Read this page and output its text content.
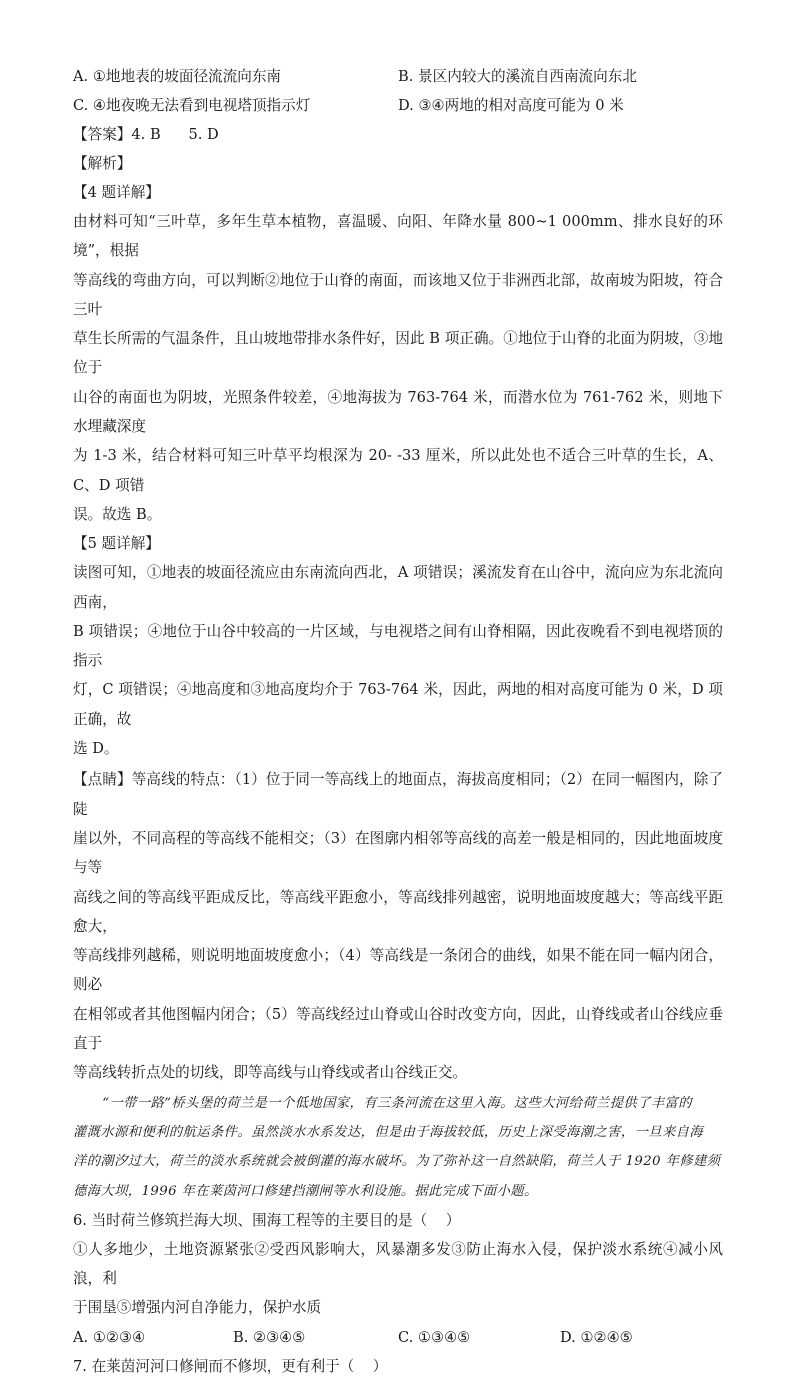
A. ①地地表的坡面径流流向东南	B. 景区内较大的溪流自西南流向东北
C. ④地夜晚无法看到电视塔顶指示灯	D. ③④两地的相对高度可能为 0 米
【答案】4. B      5. D
【解析】
【4 题详解】
由材料可知“三叶草，多年生草本植物，喜温暖、向阳、年降水量 800~1 000mm、排水良好的环境”，根据
等高线的弯曲方向，可以判断②地位于山脊的南面，而该地又位于非洲西北部，故南坡为阳坡，符合三叶
草生长所需的气温条件，且山坡地带排水条件好，因此 B 项正确。①地位于山脊的北面为阴坡，③地位于
山谷的南面也为阴坡，光照条件较差，④地海拔为 763-764 米，而潜水位为 761-762 米，则地下水埋藏深度
为 1-3 米，结合材料可知三叶草平均根深为 20- -33 厘米，所以此处也不适合三叶草的生长，A、C、D 项错
误。故选 B。
【5 题详解】
读图可知，①地表的坡面径流应由东南流向西北，A 项错误；溪流发育在山谷中，流向应为东北流向西南，
B 项错误；④地位于山谷中较高的一片区域，与电视塔之间有山脊相隔，因此夜晚看不到电视塔顶的指示
灯，C 项错误；④地高度和③地高度均介于 763-764 米，因此，两地的相对高度可能为 0 米，D 项正确，故
选 D。
【点睛】等高线的特点：（1）位于同一等高线上的地面点，海拔高度相同；（2）在同一幅图内，除了陡
崖以外，不同高程的等高线不能相交；（3）在图廓内相邻等高线的高差一般是相同的，因此地面坡度与等
高线之间的等高线平距成反比，等高线平距愈小，等高线排列越密，说明地面坡度越大；等高线平距愈大，
等高线排列越稀，则说明地面坡度愈小；（4）等高线是一条闭合的曲线，如果不能在同一幅内闭合，则必
在相邻或者其他图幅内闭合；（5）等高线经过山脊或山谷时改变方向，因此，山脊线或者山谷线应垂直于
等高线转折点处的切线，即等高线与山脊线或者山谷线正交。
“一带一路”桥头堡的荷兰是一个低地国家，有三条河流在这里入海。这些大河给荷兰提供了丰富的
灌溉水源和便利的航运条件。虽然淡水水系发达，但是由于海拔较低，历史上深受海潮之害，一旦来自海
洋的潮汐过大，荷兰的淡水系统就会被倒灌的海水破坏。为了弥补这一自然缺陷，荷兰人于 1920 年修建须
德海大坝，1996 年在莱茵河口修建挡潮闸等水利设施。据此完成下面小题。
6. 当时荷兰修筑拦海大坝、围海工程等的主要目的是（    ）
①人多地少，土地资源紧张②受西风影响大，风暴潮多发③防止海水入侵，保护淡水系统④减小风浪，利
于围垦⑤增强内河自净能力，保护水质
A. ①②③④	B. ②③④⑤	C. ①③④⑤	D. ①②④⑤
7. 在莱茵河河口修闸而不修坝，更有利于（    ）
